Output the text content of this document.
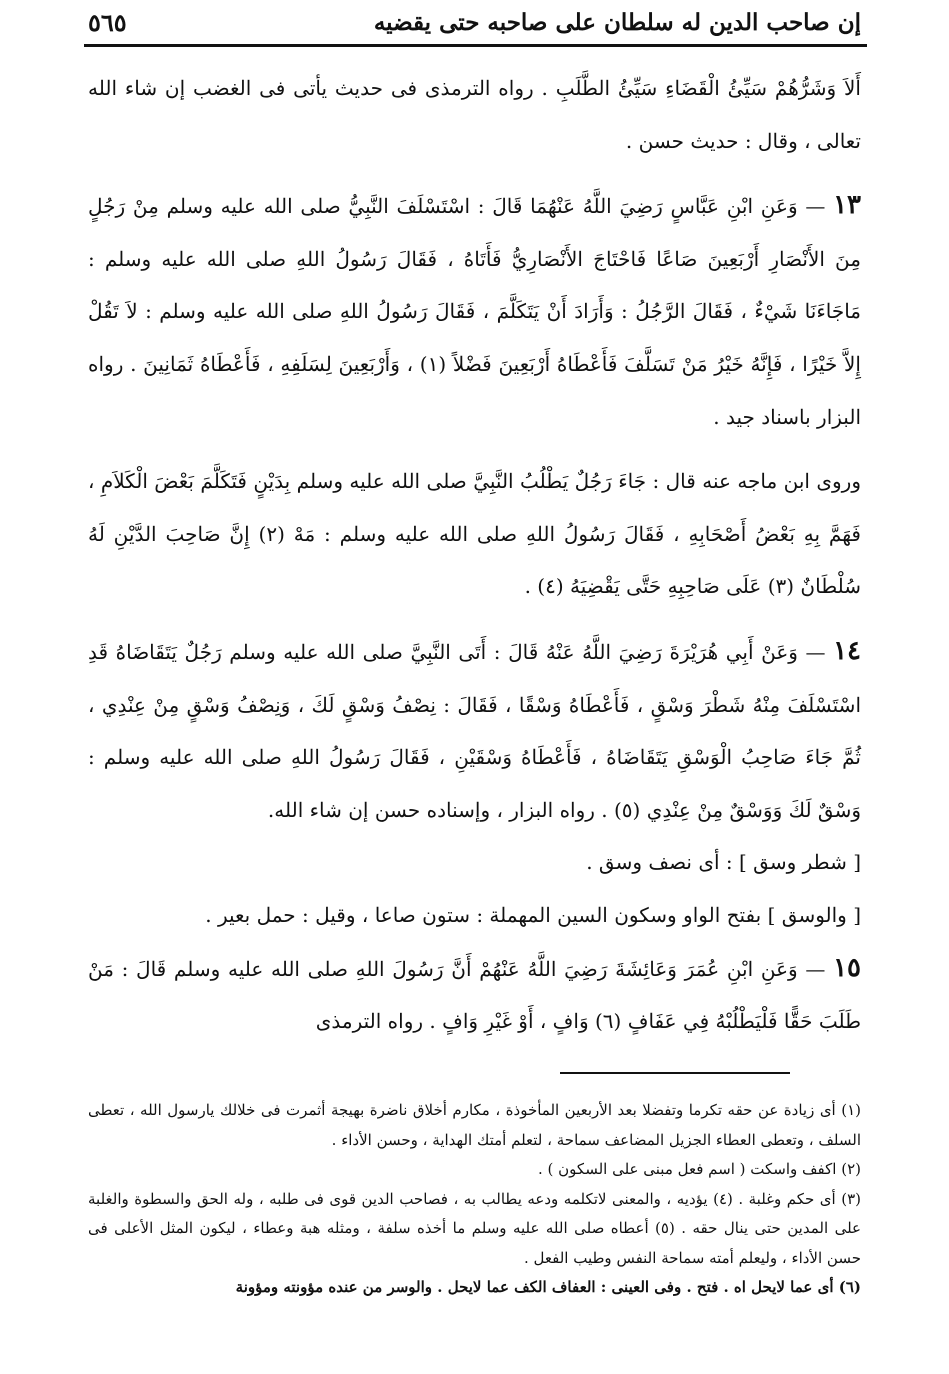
إن صاحب الدين له سلطان على صاحبه حتى يقضيه
٥٦٥

أَلاَ وَشَرُّهُمْ سَيِّئُ الْقَضَاءِ سَيِّئُ الطَّلَبِ . رواه الترمذى فى حديث يأتى فى الغضب إن شاء الله تعالى ، وقال : حديث حسن .

١٣ — وَعَنِ ابْنِ عَبَّاسٍ رَضِيَ اللَّهُ عَنْهُمَا قَالَ : اسْتَسْلَفَ النَّبِيُّ صلى الله عليه وسلم مِنْ رَجُلٍ مِنَ الأَنْصَارِ أَرْبَعِينَ صَاعًا فَاحْتَاجَ الأَنْصَارِيُّ فَأَتَاهُ ، فَقَالَ رَسُولُ اللهِ صلى الله عليه وسلم : مَاجَاءَنَا شَيْءٌ ، فَقَالَ الرَّجُلُ : وَأَرَادَ أَنْ يَتَكَلَّمَ ، فَقَالَ رَسُولُ اللهِ صلى الله عليه وسلم : لاَ تَقُلْ إِلاَّ خَيْرًا ، فَإِنَّهُ خَيْرُ مَنْ تَسَلَّفَ فَأَعْطَاهُ أَرْبَعِينَ فَضْلاً (١) ، وَأَرْبَعِينَ لِسَلَفِهِ ، فَأَعْطَاهُ ثَمَانِينَ . رواه البزار باسناد جيد .

وروى ابن ماجه عنه قال : جَاءَ رَجُلٌ يَطْلُبُ النَّبِيَّ صلى الله عليه وسلم بِدَيْنٍ فَتَكَلَّمَ بَعْضَ الْكَلاَمِ ، فَهَمَّ بِهِ بَعْضُ أَصْحَابِهِ ، فَقَالَ رَسُولُ اللهِ صلى الله عليه وسلم : مَهْ (٢) إِنَّ صَاحِبَ الدَّيْنِ لَهُ سُلْطَانٌ (٣) عَلَى صَاحِبِهِ حَتَّى يَقْضِيَهُ (٤) .

١٤ — وَعَنْ أَبِي هُرَيْرَةَ رَضِيَ اللَّهُ عَنْهُ قَالَ : أَتَى النَّبِيَّ صلى الله عليه وسلم رَجُلٌ يَتَقَاضَاهُ قَدِ اسْتَسْلَفَ مِنْهُ شَطْرَ وَسْقٍ ، فَأَعْطَاهُ وَسْقًا ، فَقَالَ : نِصْفُ وَسْقٍ لَكَ ، وَنِصْفُ وَسْقٍ مِنْ عِنْدِي ، ثُمَّ جَاءَ صَاحِبُ الْوَسْقِ يَتَقَاضَاهُ ، فَأَعْطَاهُ وَسْقَيْنِ ، فَقَالَ رَسُولُ اللهِ صلى الله عليه وسلم : وَسْقٌ لَكَ وَوَسْقٌ مِنْ عِنْدِي (٥) . رواه البزار ، وإسناده حسن إن شاء الله.

[ شطر وسق ] : أى نصف وسق .

[ والوسق ] بفتح الواو وسكون السين المهملة : ستون صاعا ، وقيل : حمل بعير .

١٥ — وَعَنِ ابْنِ عُمَرَ وَعَائِشَةَ رَضِيَ اللَّهُ عَنْهُمْ أَنَّ رَسُولَ اللهِ صلى الله عليه وسلم قَالَ : مَنْ طَلَبَ حَقًّا فَلْيَطْلُبْهُ فِي عَفَافٍ (٦) وَافٍ ، أَوْ غَيْرِ وَافٍ . رواه الترمذى

(١) أى زيادة عن حقه تكرما وتفضلا بعد الأربعين المأخوذة ، مكارم أخلاق ناضرة بهيجة أثمرت فى خلالك يارسول الله ، تعطى السلف ، وتعطى العطاء الجزيل المضاعف سماحة ، لتعلم أمتك الهداية ، وحسن الأداء .

(٢) اكفف واسكت ( اسم فعل مبنى على السكون ) .

(٣) أى حكم وغلبة . (٤) يؤديه ، والمعنى لاتكلمه ودعه يطالب به ، فصاحب الدين قوى فى طلبه ، وله الحق والسطوة والغلبة على المدين حتى ينال حقه . (٥) أعطاه صلى الله عليه وسلم ما أخذه سلفة ، ومثله هبة وعطاء ، ليكون المثل الأعلى فى حسن الأداء ، وليعلم أمته سماحة النفس وطيب الفعل .

(٦) أى عما لايحل اه . فتح . وفى العينى : العفاف الكف عما لايحل . والوسر من عنده مؤونته ومؤونة
